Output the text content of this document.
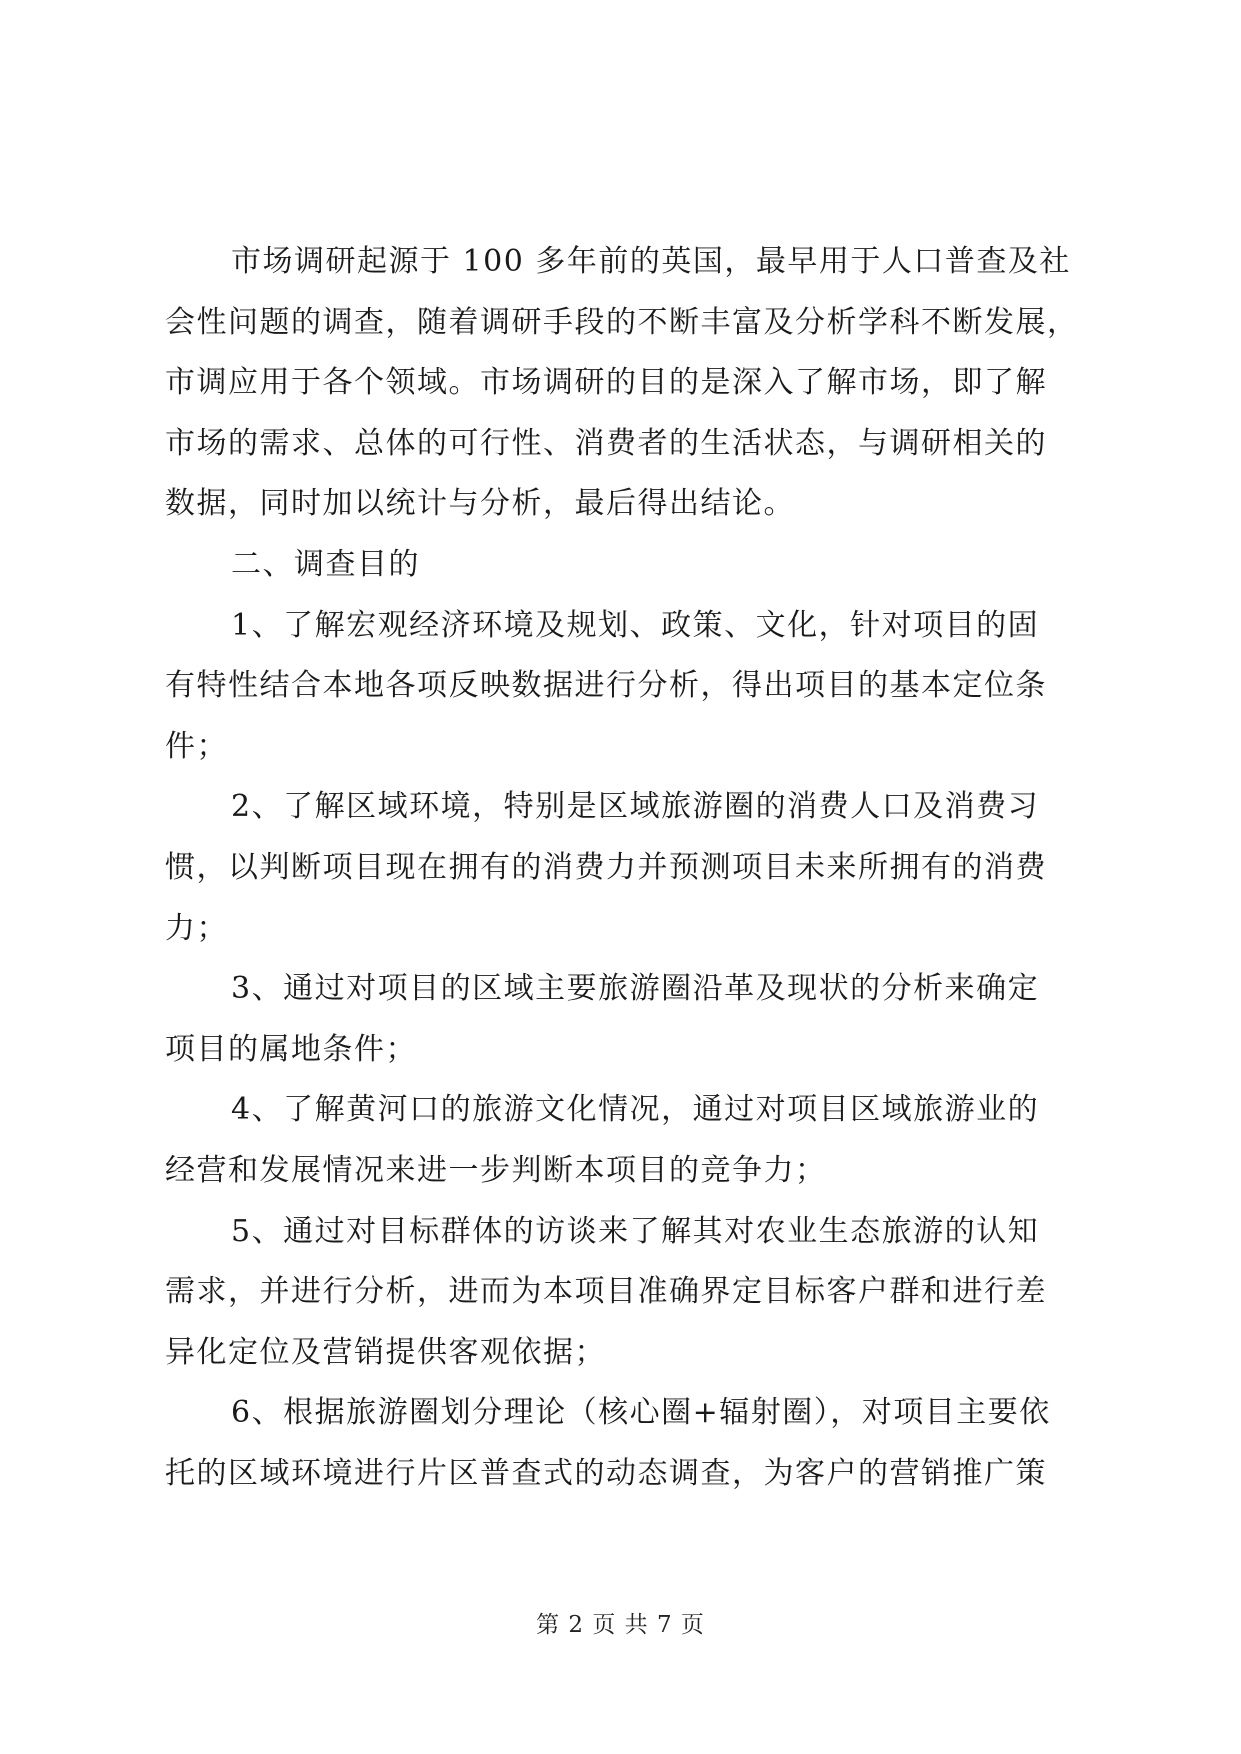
市场调研起源于 100 多年前的英国，最早用于人口普查及社
会性问题的调查，随着调研手段的不断丰富及分析学科不断发展，
市调应用于各个领域。市场调研的目的是深入了解市场，即了解
市场的需求、总体的可行性、消费者的生活状态，与调研相关的
数据，同时加以统计与分析，最后得出结论。
二、调查目的
1、了解宏观经济环境及规划、政策、文化，针对项目的固
有特性结合本地各项反映数据进行分析，得出项目的基本定位条
件；
2、了解区域环境，特别是区域旅游圈的消费人口及消费习
惯，以判断项目现在拥有的消费力并预测项目未来所拥有的消费
力；
3、通过对项目的区域主要旅游圈沿革及现状的分析来确定
项目的属地条件；
4、了解黄河口的旅游文化情况，通过对项目区域旅游业的
经营和发展情况来进一步判断本项目的竞争力；
5、通过对目标群体的访谈来了解其对农业生态旅游的认知
需求，并进行分析，进而为本项目准确界定目标客户群和进行差
异化定位及营销提供客观依据；
6、根据旅游圈划分理论（核心圈+辐射圈），对项目主要依
托的区域环境进行片区普查式的动态调查，为客户的营销推广策
第 2 页 共 7 页
